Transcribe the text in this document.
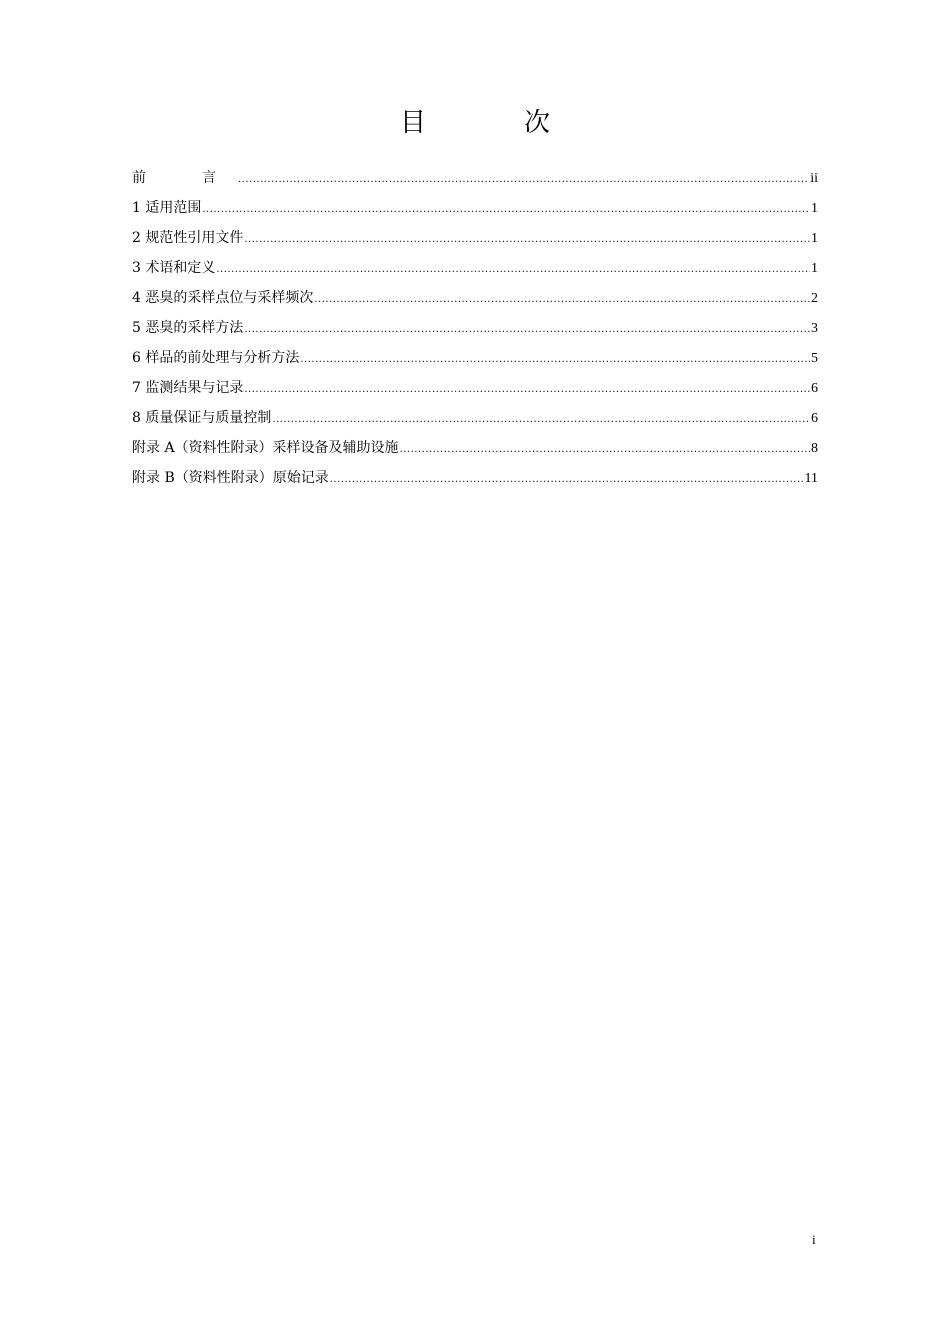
目　次
前　言 .....	ii
1 适用范围 .....	1
2 规范性引用文件 .....	1
3 术语和定义 .....	1
4 恶臭的采样点位与采样频次 .....	2
5 恶臭的采样方法 .....	3
6 样品的前处理与分析方法 .....	5
7 监测结果与记录 .....	6
8 质量保证与质量控制 .....	6
附录 A（资料性附录）采样设备及辅助设施 .....	8
附录 B（资料性附录）原始记录 .....	11
i
